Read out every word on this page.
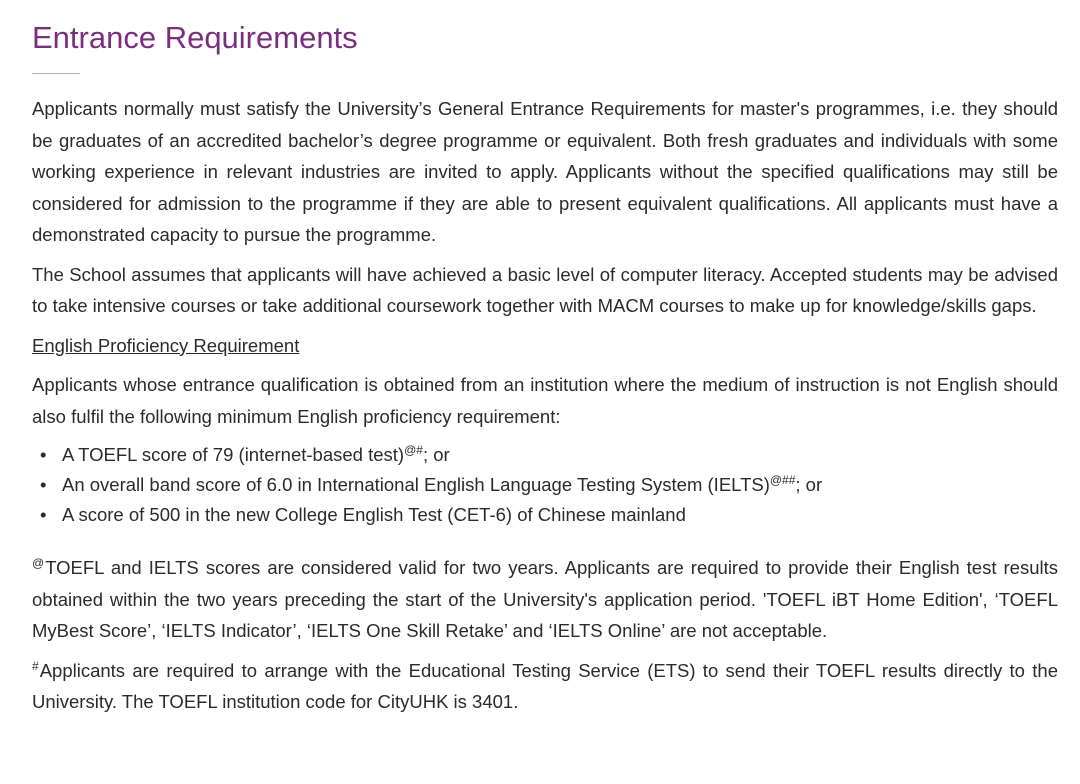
Entrance Requirements

Applicants normally must satisfy the University’s General Entrance Requirements for master's programmes, i.e. they should be graduates of an accredited bachelor’s degree programme or equivalent. Both fresh graduates and individuals with some working experience in relevant industries are invited to apply. Applicants without the specified qualifications may still be considered for admission to the programme if they are able to present equivalent qualifications. All applicants must have a demonstrated capacity to pursue the programme.

The School assumes that applicants will have achieved a basic level of computer literacy. Accepted students may be advised to take intensive courses or take additional coursework together with MACM courses to make up for knowledge/skills gaps.

English Proficiency Requirement

Applicants whose entrance qualification is obtained from an institution where the medium of instruction is not English should also fulfil the following minimum English proficiency requirement:

• A TOEFL score of 79 (internet-based test)@#; or
• An overall band score of 6.0 in International English Language Testing System (IELTS)@##; or
• A score of 500 in the new College English Test (CET-6) of Chinese mainland

@TOEFL and IELTS scores are considered valid for two years. Applicants are required to provide their English test results obtained within the two years preceding the start of the University's application period. 'TOEFL iBT Home Edition', ‘TOEFL MyBest Score’, ‘IELTS Indicator’, ‘IELTS One Skill Retake’ and ‘IELTS Online’ are not acceptable.

#Applicants are required to arrange with the Educational Testing Service (ETS) to send their TOEFL results directly to the University. The TOEFL institution code for CityUHK is 3401.
